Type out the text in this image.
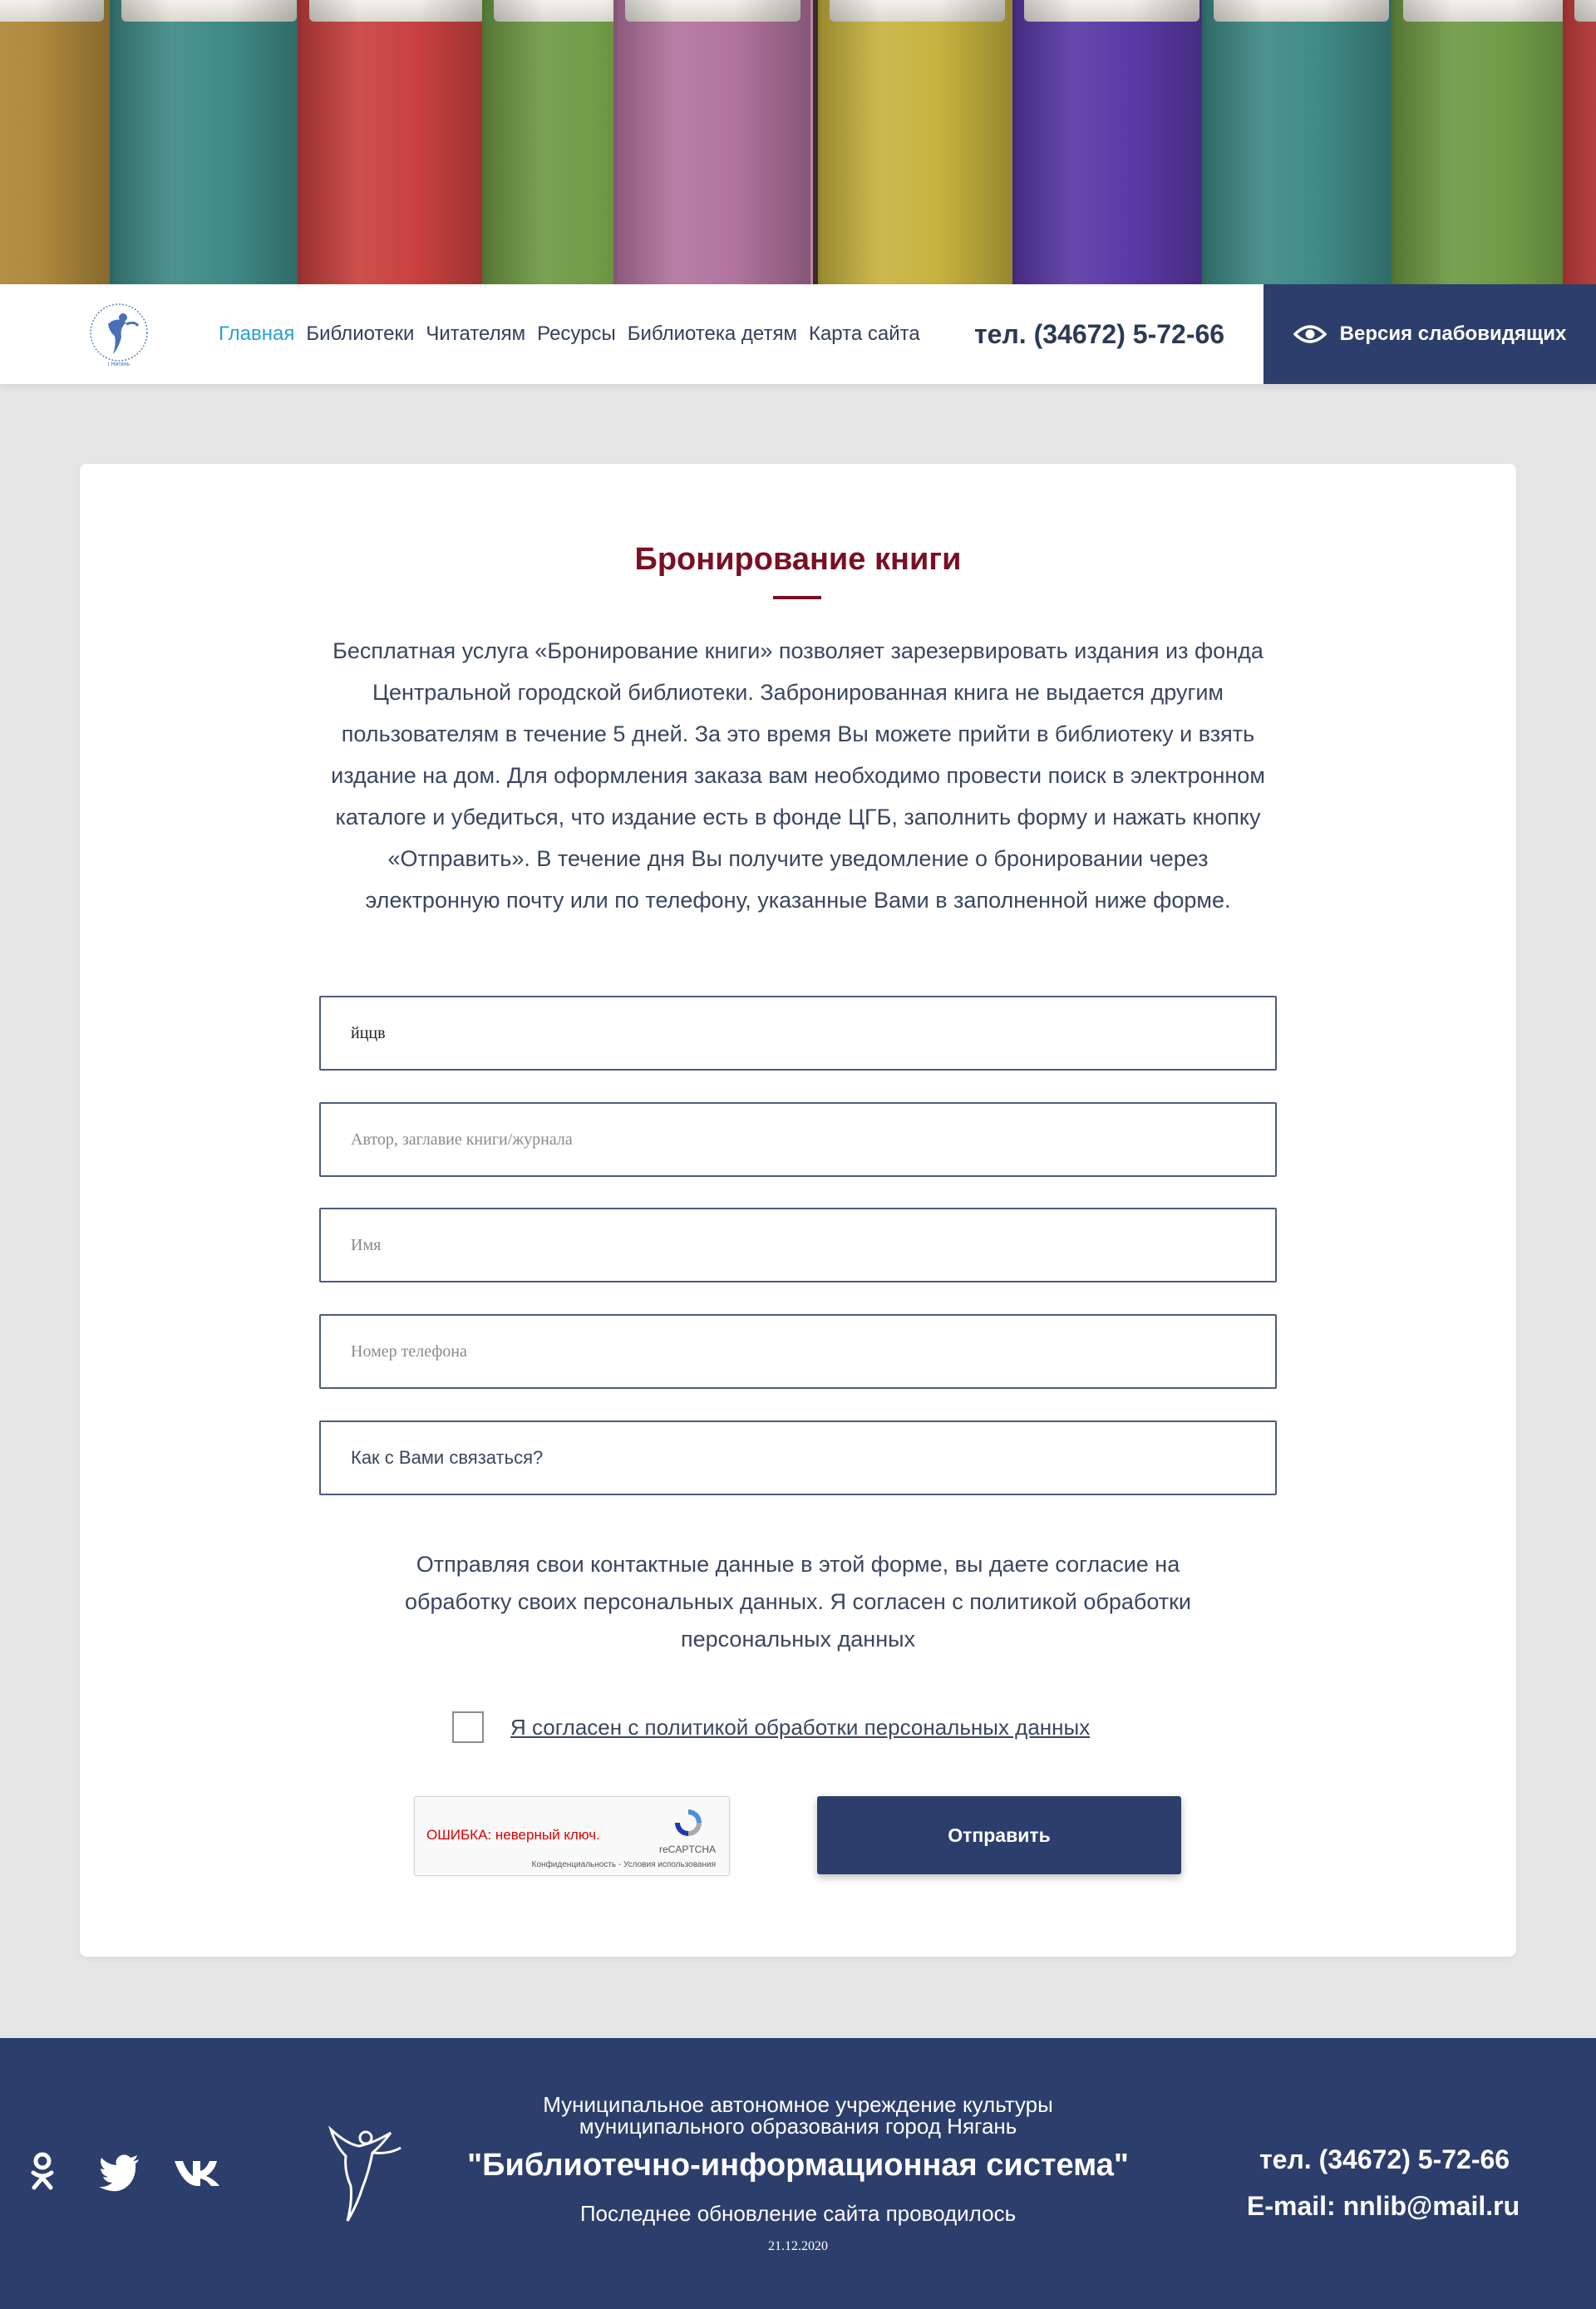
г.Нягань
Главная Библиотеки Читателям Ресурсы Библиотека детям Карта сайта тел. (34672) 5-72-66	Версия слабовидящих
Бронирование книги
Бесплатная услуга «Бронирование книги» позволяет зарезервировать издания из фонда Центральной городской библиотеки. Забронированная книга не выдается другим пользователям в течение 5 дней. За это время Вы можете прийти в библиотеку и взять издание на дом. Для оформления заказа вам необходимо провести поиск в электронном каталоге и убедиться, что издание есть в фонде ЦГБ, заполнить форму и нажать кнопку «Отправить». В течение дня Вы получите уведомление о бронировании через электронную почту или по телефону, указанные Вами в заполненной ниже форме.
йццв
Автор, заглавие книги/журнала
Имя
Номер телефона
Как с Вами связаться?
Отправляя свои контактные данные в этой форме, вы даете согласие на обработку своих персональных данных. Я согласен с политикой обработки персональных данных
Я согласен с политикой обработки персональных данных
ОШИБКА: неверный ключ.
reCAPTCHA
Конфиденциальность - Условия использования
Отправить
Муниципальное автономное учреждение культуры
муниципального образования город Нягань
"Библиотечно-информационная система"
Последнее обновление сайта проводилось
21.12.2020
тел. (34672) 5-72-66
E-mail: nnlib@mail.ru
